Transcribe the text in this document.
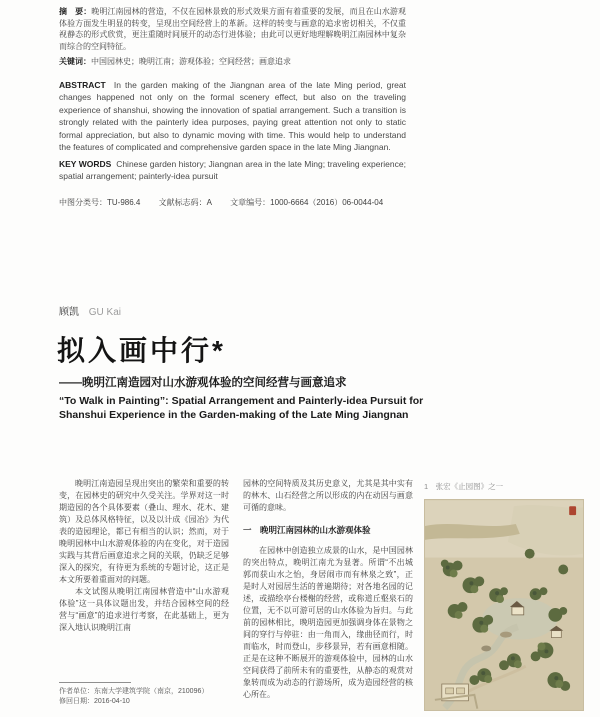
摘　要：晚明江南园林的营造，不仅在园林景致的形式效果方面有着重要的发展，而且在山水游观体验方面发生明显的转变，呈现出空间经营上的革新。这样的转变与画意的追求密切相关，不仅重视静态的形式欣赏，更注重随时间展开的动态行进体验；由此可以更好地理解晚明江南园林中复杂而综合的空间特征。

关键词：中国园林史；晚明江南；游观体验；空间经营；画意追求

ABSTRACT In the garden making of the Jiangnan area of the late Ming period, great changes happened not only on the formal scenery effect, but also on the traveling experience of shanshui, showing the innovation of spatial arrangement. Such a transition is strongly related with the painterly idea purposes, paying great attention not only to static formal appreciation, but also to dynamic moving with time. This would help to understand the features of complicated and comprehensive garden space in the late Ming Jiangnan.

KEY WORDS Chinese garden history; Jiangnan area in the late Ming; traveling experience; spatial arrangement; painterly-idea pursuit

中图分类号：TU-986.4 文献标志码：A 文章编号：1000-6664（2016）06-0044-04

顾凯 GU Kai
拟入画中行*
——晚明江南造园对山水游观体验的空间经营与画意追求
“To Walk in Painting”: Spatial Arrangement and Painterly-idea Pursuit for Shanshui Experience in the Garden-making of the Late Ming Jiangnan

晚明江南造园呈现出突出的繁荣和重要的转变，在园林史的研究中久受关注。学界对这一时期造园的各个具体要素（叠山、理水、花木、建筑）及总体风格特征，以及以计成《园冶》为代表的造园理论，都已有相当的认识；然而，对于晚明园林中山水游观体验的内在变化，对于造园实践与其背后画意追求之间的关联，仍缺乏足够深入的探究，有待更为系统的专题讨论，这正是本文所要着重面对的问题。

本文试图从晚明江南园林营造中“山水游观体验”这一具体议题出发，并结合园林空间的经营与“画意”的追求进行考察，在此基础上，更为深入地认识晚明江南

园林的空间特质及其历史意义，尤其是其中实有的林木、山石经营之所以形成的内在动因与画意可循的意味。

一　晚明江南园林的山水游观体验

在园林中创造独立成景的山水，是中国园林的突出特点，晚明江南尤为显著。所谓“不出城郭而获山水之怡，身居闹市而有林泉之致”，正是时人对园居生活的普遍期待；对各地名园的记述，或描绘亭台楼榭的经营，或称道丘壑泉石的位置，无不以可游可居的山水体验为旨归。与此前的园林相比，晚明造园更加强调身体在景物之间的穿行与停驻：由一角而入，缘曲径而行，时而临水，时而登山，步移景异，若有画意相随。正是在这种不断展开的游观体验中，园林的山水空间获得了前所未有的重要性，从静态的观赏对象转而成为动态的行游场所，成为造园经营的核心所在。

1　张宏《止园图》之一

作者单位：东南大学建筑学院（南京，210096）

修回日期：2016-04-10
